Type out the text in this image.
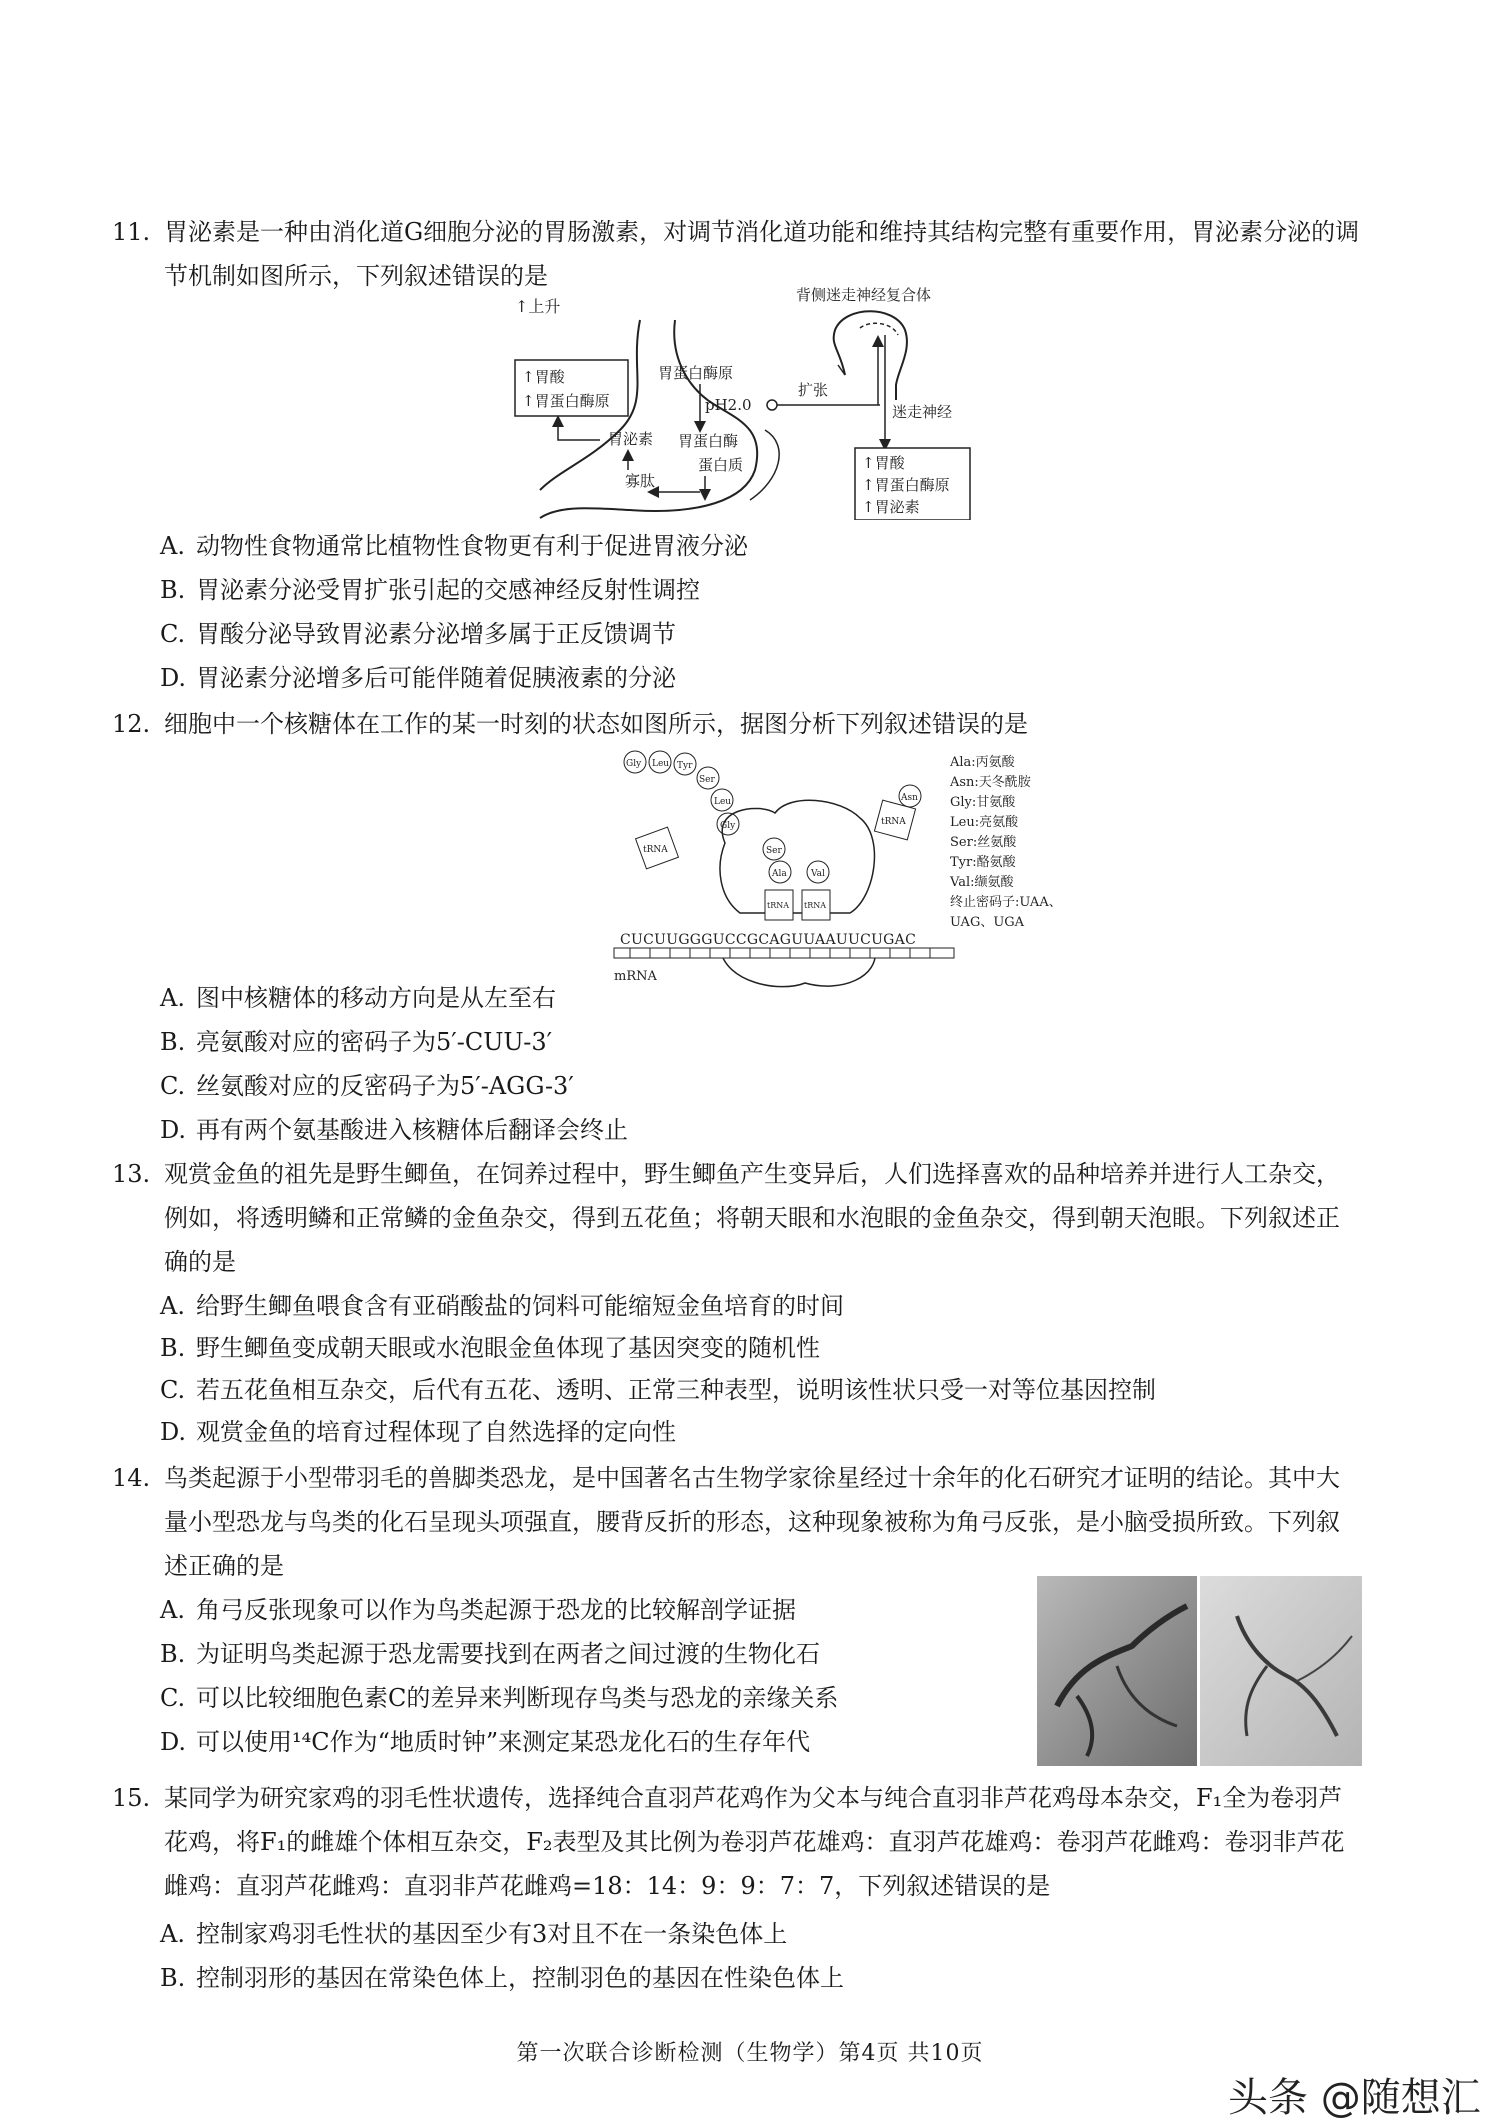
11. 胃泌素是一种由消化道G细胞分泌的胃肠激素，对调节消化道功能和维持其结构完整有重要作用，胃泌素分泌的调
节机制如图所示，下列叙述错误的是
↑上升
↑胃酸
↑胃蛋白酶原
胃蛋白酶原
pH2.0
胃泌素 胃蛋白酶
蛋白质
寡肽
扩张
背侧迷走神经复合体
迷走神经
↑胃酸
↑胃蛋白酶原
↑胃泌素
A. 动物性食物通常比植物性食物更有利于促进胃液分泌
B. 胃泌素分泌受胃扩张引起的交感神经反射性调控
C. 胃酸分泌导致胃泌素分泌增多属于正反馈调节
D. 胃泌素分泌增多后可能伴随着促胰液素的分泌
12. 细胞中一个核糖体在工作的某一时刻的状态如图所示，据图分析下列叙述错误的是
Gly Leu Tyr
Ser
Leu
Gly
Ser
Ala	Val
Asn
tRNA tRNA
tRNA
tRNA
CUCUUGGGUCCGCAGUUAAUUCUGAC
mRNA
Ala:丙氨酸
Asn:天冬酰胺
Gly:甘氨酸
Leu:亮氨酸
Ser:丝氨酸
Tyr:酪氨酸
Val:缬氨酸
终止密码子:UAA、
UAG、UGA
A. 图中核糖体的移动方向是从左至右
B. 亮氨酸对应的密码子为5′-CUU-3′
C. 丝氨酸对应的反密码子为5′-AGG-3′
D. 再有两个氨基酸进入核糖体后翻译会终止
13. 观赏金鱼的祖先是野生鲫鱼，在饲养过程中，野生鲫鱼产生变异后，人们选择喜欢的品种培养并进行人工杂交，
例如，将透明鳞和正常鳞的金鱼杂交，得到五花鱼；将朝天眼和水泡眼的金鱼杂交，得到朝天泡眼。下列叙述正
确的是
A. 给野生鲫鱼喂食含有亚硝酸盐的饲料可能缩短金鱼培育的时间
B. 野生鲫鱼变成朝天眼或水泡眼金鱼体现了基因突变的随机性
C. 若五花鱼相互杂交，后代有五花、透明、正常三种表型，说明该性状只受一对等位基因控制
D. 观赏金鱼的培育过程体现了自然选择的定向性
14. 鸟类起源于小型带羽毛的兽脚类恐龙，是中国著名古生物学家徐星经过十余年的化石研究才证明的结论。其中大
量小型恐龙与鸟类的化石呈现头项强直，腰背反折的形态，这种现象被称为角弓反张，是小脑受损所致。下列叙
述正确的是
A. 角弓反张现象可以作为鸟类起源于恐龙的比较解剖学证据
B. 为证明鸟类起源于恐龙需要找到在两者之间过渡的生物化石
C. 可以比较细胞色素C的差异来判断现存鸟类与恐龙的亲缘关系
D. 可以使用¹⁴C作为“地质时钟”来测定某恐龙化石的生存年代
15. 某同学为研究家鸡的羽毛性状遗传，选择纯合直羽芦花鸡作为父本与纯合直羽非芦花鸡母本杂交，F₁全为卷羽芦
花鸡，将F₁的雌雄个体相互杂交，F₂表型及其比例为卷羽芦花雄鸡：直羽芦花雄鸡：卷羽芦花雌鸡：卷羽非芦花
雌鸡：直羽芦花雌鸡：直羽非芦花雌鸡=18：14：9：9：7：7，下列叙述错误的是
A. 控制家鸡羽毛性状的基因至少有3对且不在一条染色体上
B. 控制羽形的基因在常染色体上，控制羽色的基因在性染色体上
第一次联合诊断检测（生物学）第4页 共10页
头条 @随想汇
